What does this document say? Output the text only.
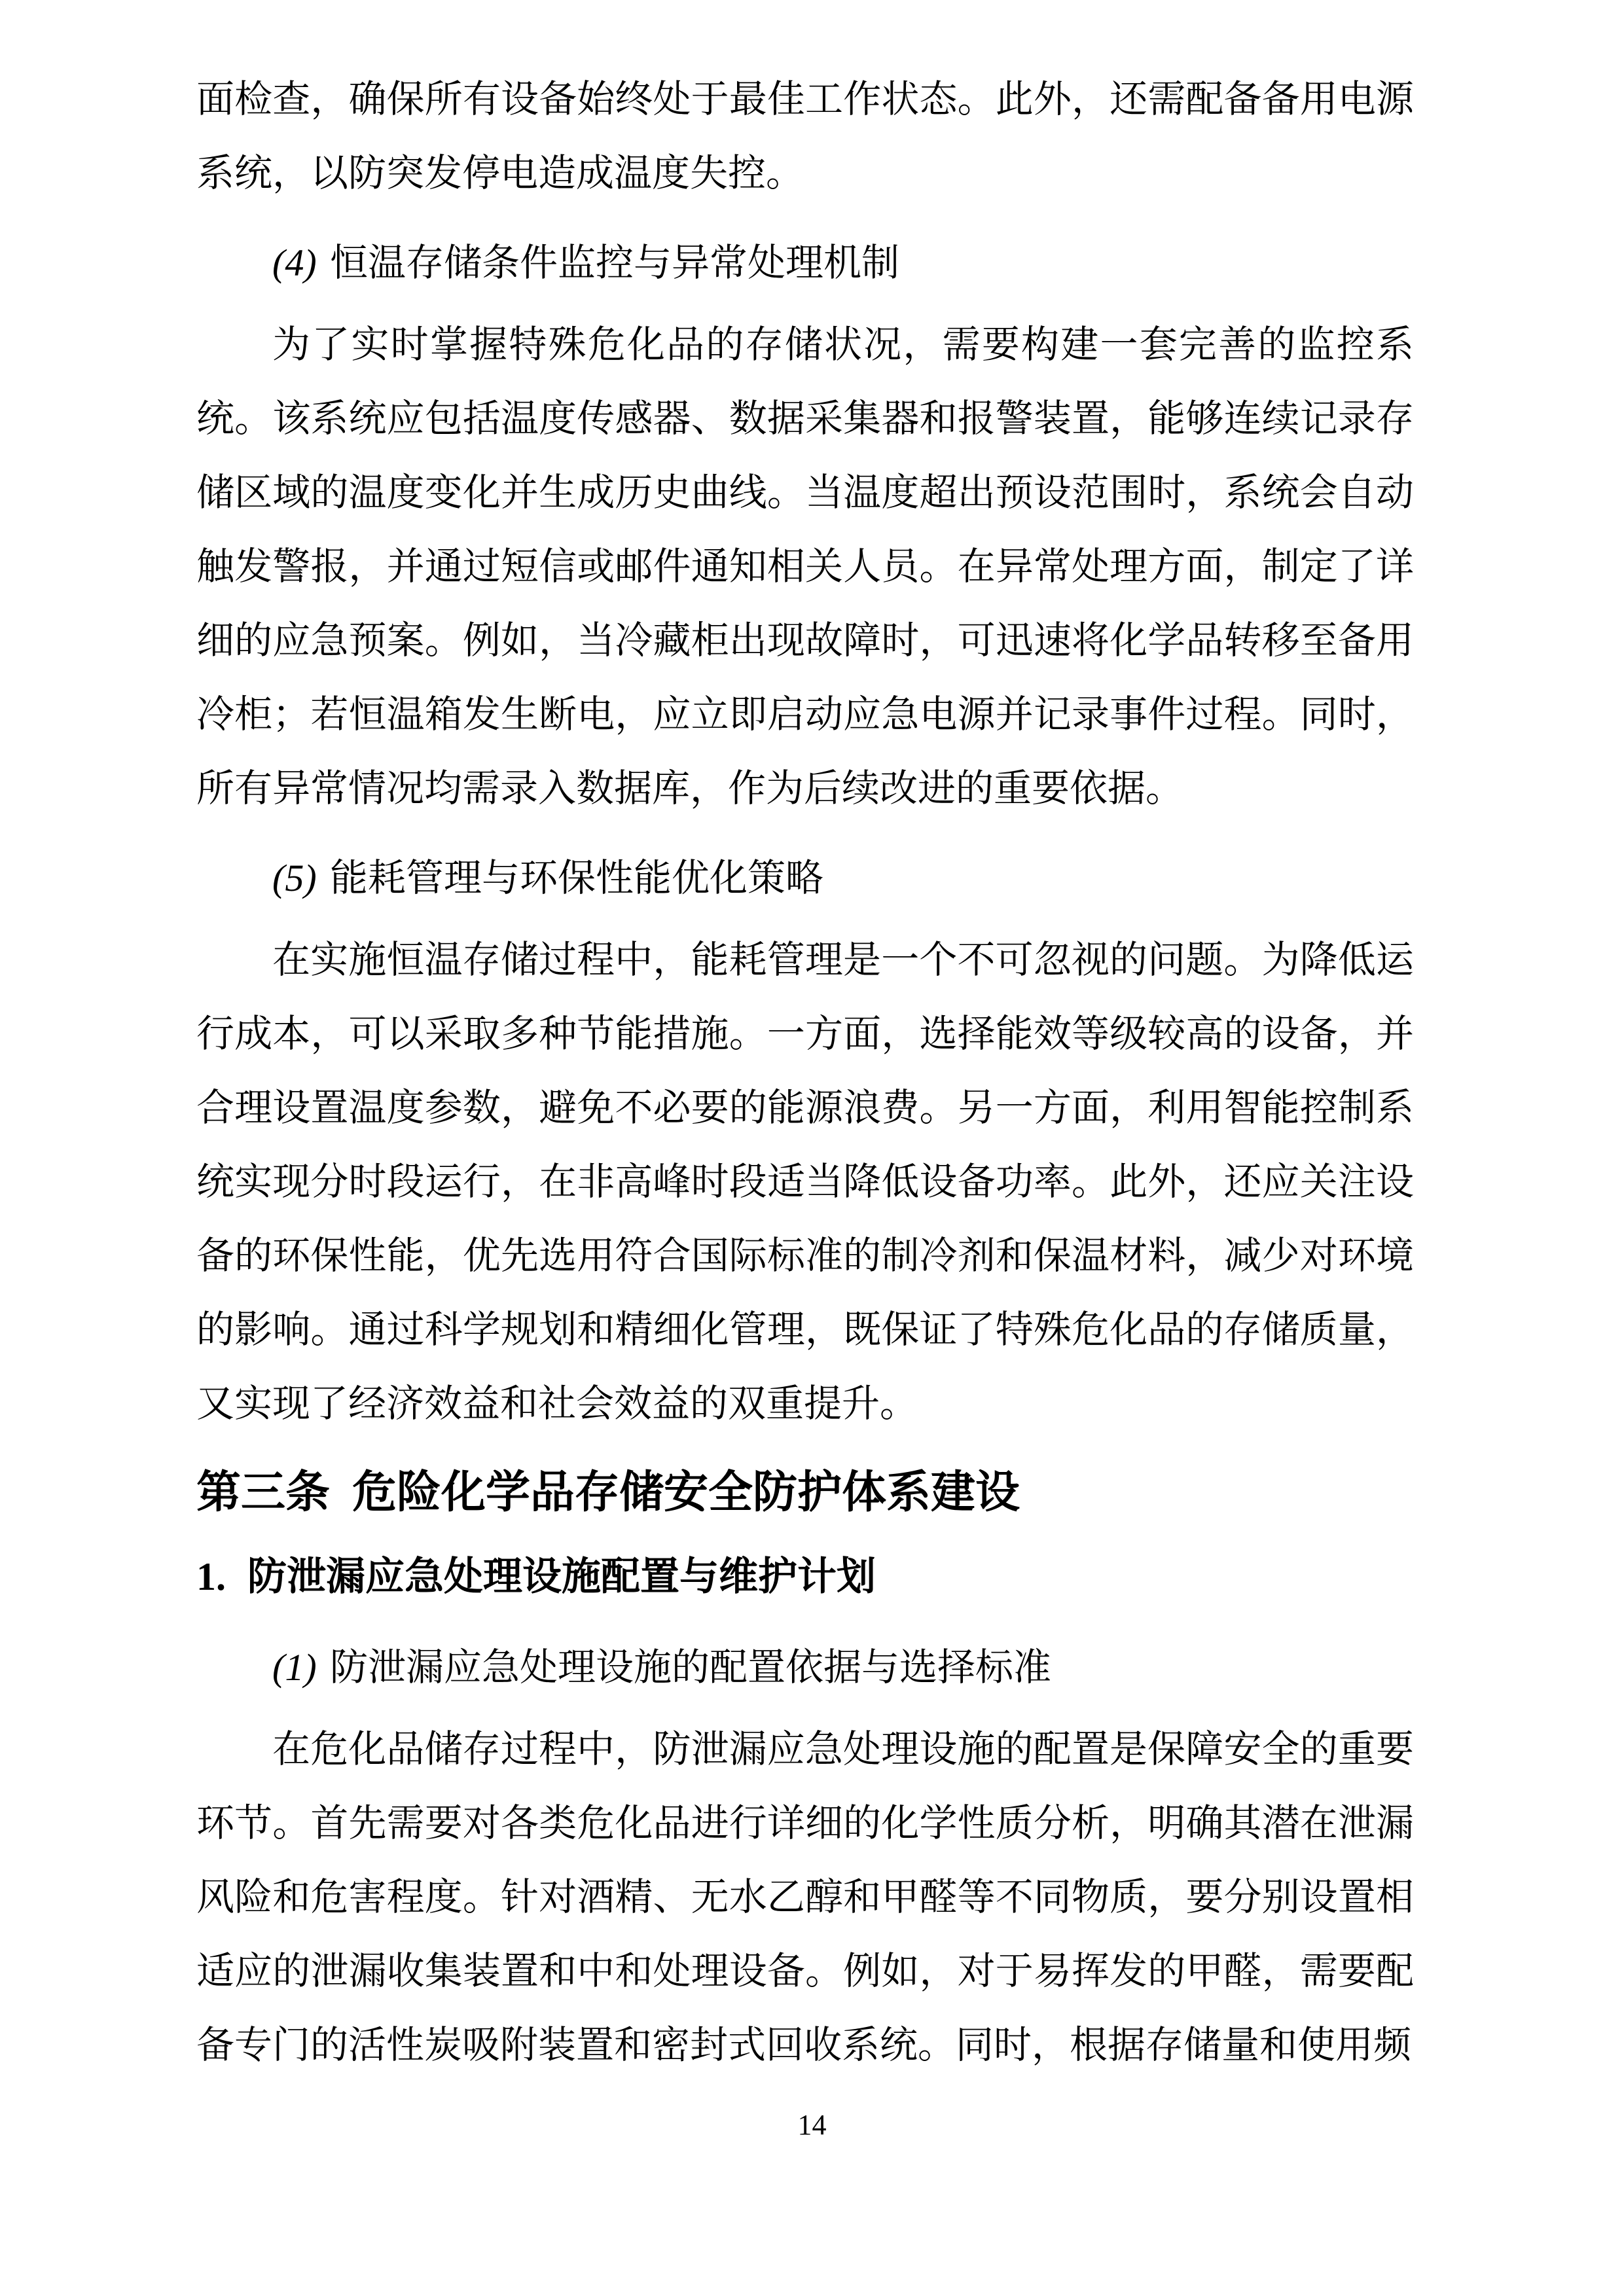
面检查，确保所有设备始终处于最佳工作状态。此外，还需配备备用电源系统，以防突发停电造成温度失控。

(4) 恒温存储条件监控与异常处理机制

为了实时掌握特殊危化品的存储状况，需要构建一套完善的监控系统。该系统应包括温度传感器、数据采集器和报警装置，能够连续记录存储区域的温度变化并生成历史曲线。当温度超出预设范围时，系统会自动触发警报，并通过短信或邮件通知相关人员。在异常处理方面，制定了详细的应急预案。例如，当冷藏柜出现故障时，可迅速将化学品转移至备用冷柜；若恒温箱发生断电，应立即启动应急电源并记录事件过程。同时，所有异常情况均需录入数据库，作为后续改进的重要依据。

(5) 能耗管理与环保性能优化策略

在实施恒温存储过程中，能耗管理是一个不可忽视的问题。为降低运行成本，可以采取多种节能措施。一方面，选择能效等级较高的设备，并合理设置温度参数，避免不必要的能源浪费。另一方面，利用智能控制系统实现分时段运行，在非高峰时段适当降低设备功率。此外，还应关注设备的环保性能，优先选用符合国际标准的制冷剂和保温材料，减少对环境的影响。通过科学规划和精细化管理，既保证了特殊危化品的存储质量，又实现了经济效益和社会效益的双重提升。

第三条 危险化学品存储安全防护体系建设
1. 防泄漏应急处理设施配置与维护计划

(1) 防泄漏应急处理设施的配置依据与选择标准

在危化品储存过程中，防泄漏应急处理设施的配置是保障安全的重要环节。首先需要对各类危化品进行详细的化学性质分析，明确其潜在泄漏风险和危害程度。针对酒精、无水乙醇和甲醛等不同物质，要分别设置相适应的泄漏收集装置和中和处理设备。例如，对于易挥发的甲醛，需要配备专门的活性炭吸附装置和密封式回收系统。同时，根据存储量和使用频

14
